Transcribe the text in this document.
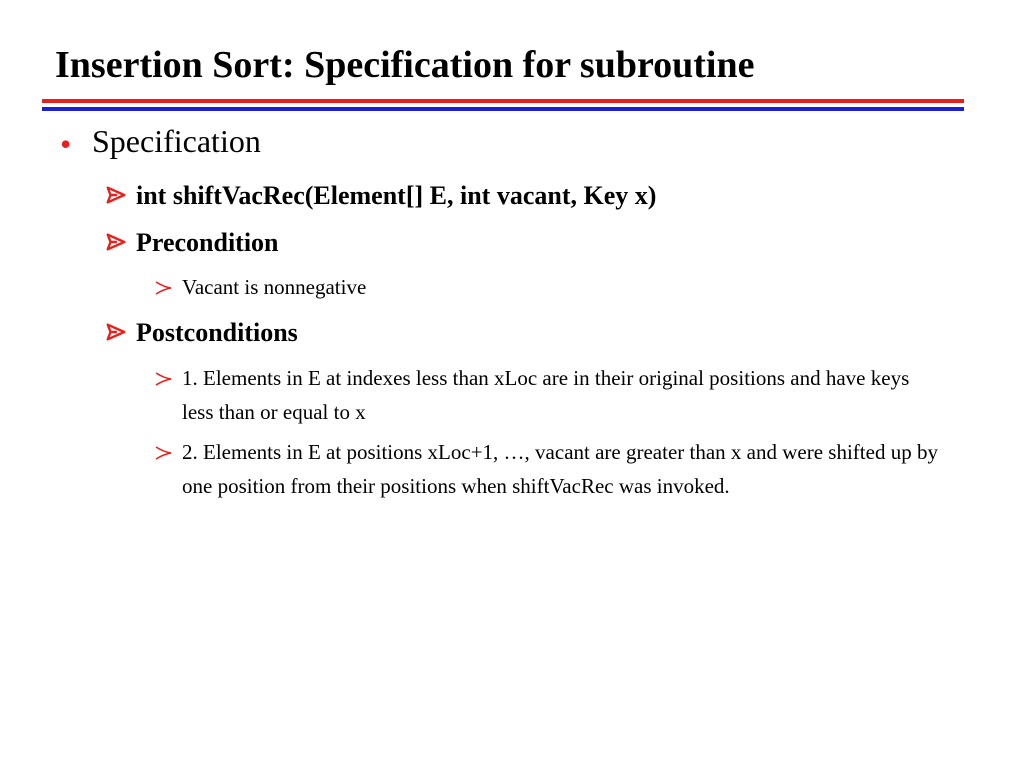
Insertion Sort: Specification for subroutine
• Specification
int shiftVacRec(Element[] E, int vacant, Key x)
Precondition
Vacant is nonnegative
Postconditions
1. Elements in E at indexes less than xLoc are in their original positions and have keys less than or equal to x
2. Elements in E at positions xLoc+1, …, vacant are greater than x and were shifted up by one position from their positions when shiftVacRec was invoked.
